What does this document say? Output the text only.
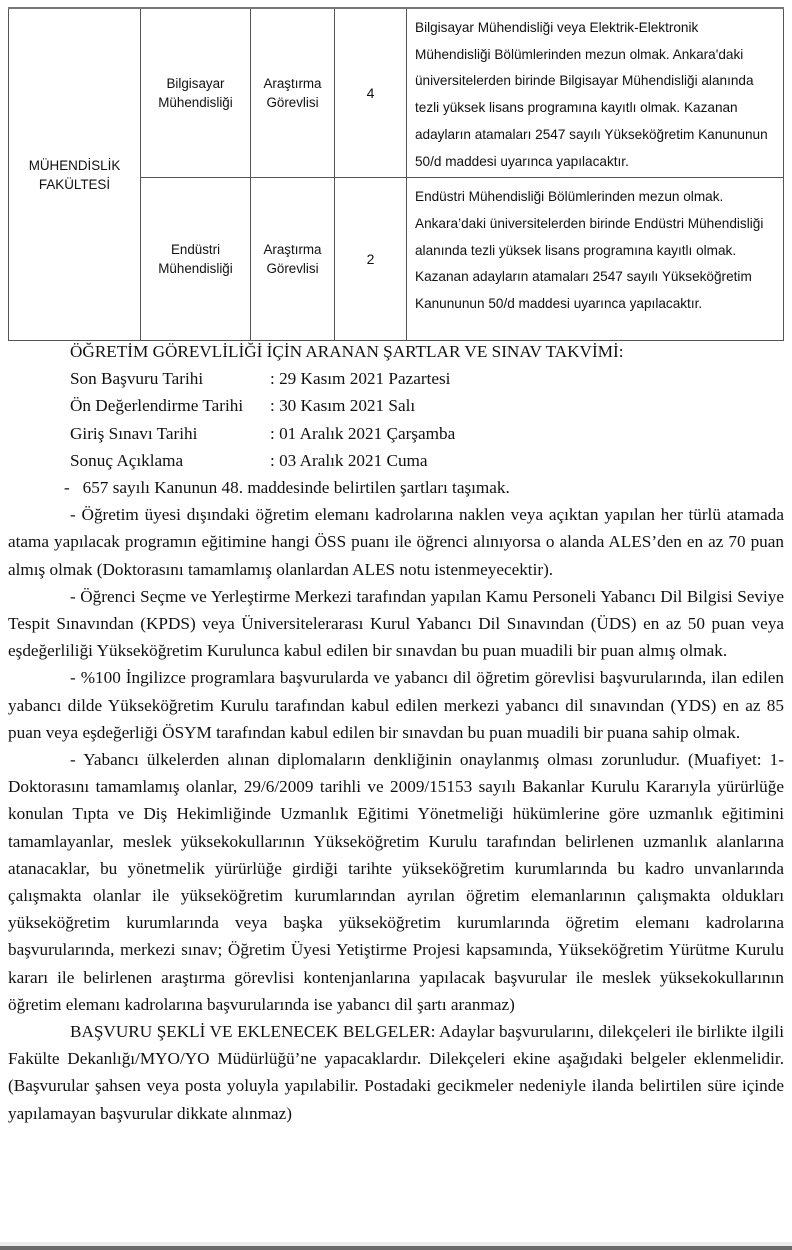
MÜHENDİSLİK FAKÜLTESİ	Bilgisayar Mühendisliği	Araştırma Görevlisi	4	Bilgisayar Mühendisliği veya Elektrik-Elektronik Mühendisliği Bölümlerinden mezun olmak. Ankara'daki üniversitelerden birinde Bilgisayar Mühendisliği alanında tezli yüksek lisans programına kayıtlı olmak. Kazanan adayların atamaları 2547 sayılı Yükseköğretim Kanununun 50/d maddesi uyarınca yapılacaktır.
	Endüstri Mühendisliği	Araştırma Görevlisi	2	Endüstri Mühendisliği Bölümlerinden mezun olmak. Ankara’daki üniversitelerden birinde Endüstri Mühendisliği alanında tezli yüksek lisans programına kayıtlı olmak. Kazanan adayların atamaları 2547 sayılı Yükseköğretim Kanununun 50/d maddesi uyarınca yapılacaktır.

ÖĞRETİM GÖREVLİLİĞİ İÇİN ARANAN ŞARTLAR VE SINAV TAKVİMİ:

Son Başvuru Tarihi	: 29 Kasım 2021 Pazartesi
Ön Değerlendirme Tarihi	: 30 Kasım 2021 Salı
Giriş Sınavı Tarihi	: 01 Aralık 2021 Çarşamba
Sonuç Açıklama	: 03 Aralık 2021 Cuma

-   657 sayılı Kanunun 48. maddesinde belirtilen şartları taşımak.

- Öğretim üyesi dışındaki öğretim elemanı kadrolarına naklen veya açıktan yapılan her türlü atamada atama yapılacak programın eğitimine hangi ÖSS puanı ile öğrenci alınıyorsa o alanda ALES’den en az 70 puan almış olmak (Doktorasını tamamlamış olanlardan ALES notu istenmeyecektir).

- Öğrenci Seçme ve Yerleştirme Merkezi tarafından yapılan Kamu Personeli Yabancı Dil Bilgisi Seviye Tespit Sınavından (KPDS) veya Üniversitelerarası Kurul Yabancı Dil Sınavından (ÜDS) en az 50 puan veya eşdeğerliliği Yükseköğretim Kurulunca kabul edilen bir sınavdan bu puan muadili bir puan almış olmak.

- %100 İngilizce programlara başvurularda ve yabancı dil öğretim görevlisi başvurularında, ilan edilen yabancı dilde Yükseköğretim Kurulu tarafından kabul edilen merkezi yabancı dil sınavından (YDS) en az 85 puan veya eşdeğerliği ÖSYM tarafından kabul edilen bir sınavdan bu puan muadili bir puana sahip olmak.

- Yabancı ülkelerden alınan diplomaların denkliğinin onaylanmış olması zorunludur. (Muafiyet: 1-Doktorasını tamamlamış olanlar, 29/6/2009 tarihli ve 2009/15153 sayılı Bakanlar Kurulu Kararıyla yürürlüğe konulan Tıpta ve Diş Hekimliğinde Uzmanlık Eğitimi Yönetmeliği hükümlerine göre uzmanlık eğitimini tamamlayanlar, meslek yüksekokullarının Yükseköğretim Kurulu tarafından belirlenen uzmanlık alanlarına atanacaklar, bu yönetmelik yürürlüğe girdiği tarihte yükseköğretim kurumlarında bu kadro unvanlarında çalışmakta olanlar ile yükseköğretim kurumlarından ayrılan öğretim elemanlarının çalışmakta oldukları yükseköğretim kurumlarında veya başka yükseköğretim kurumlarında öğretim elemanı kadrolarına başvurularında, merkezi sınav; Öğretim Üyesi Yetiştirme Projesi kapsamında, Yükseköğretim Yürütme Kurulu kararı ile belirlenen araştırma görevlisi kontenjanlarına yapılacak başvurular ile meslek yüksekokullarının öğretim elemanı kadrolarına başvurularında ise yabancı dil şartı aranmaz)

BAŞVURU ŞEKLİ VE EKLENECEK BELGELER: Adaylar başvurularını, dilekçeleri ile birlikte ilgili Fakülte Dekanlığı/MYO/YO Müdürlüğü’ne yapacaklardır. Dilekçeleri ekine aşağıdaki belgeler eklenmelidir. (Başvurular şahsen veya posta yoluyla yapılabilir. Postadaki gecikmeler nedeniyle ilanda belirtilen süre içinde yapılamayan başvurular dikkate alınmaz)
